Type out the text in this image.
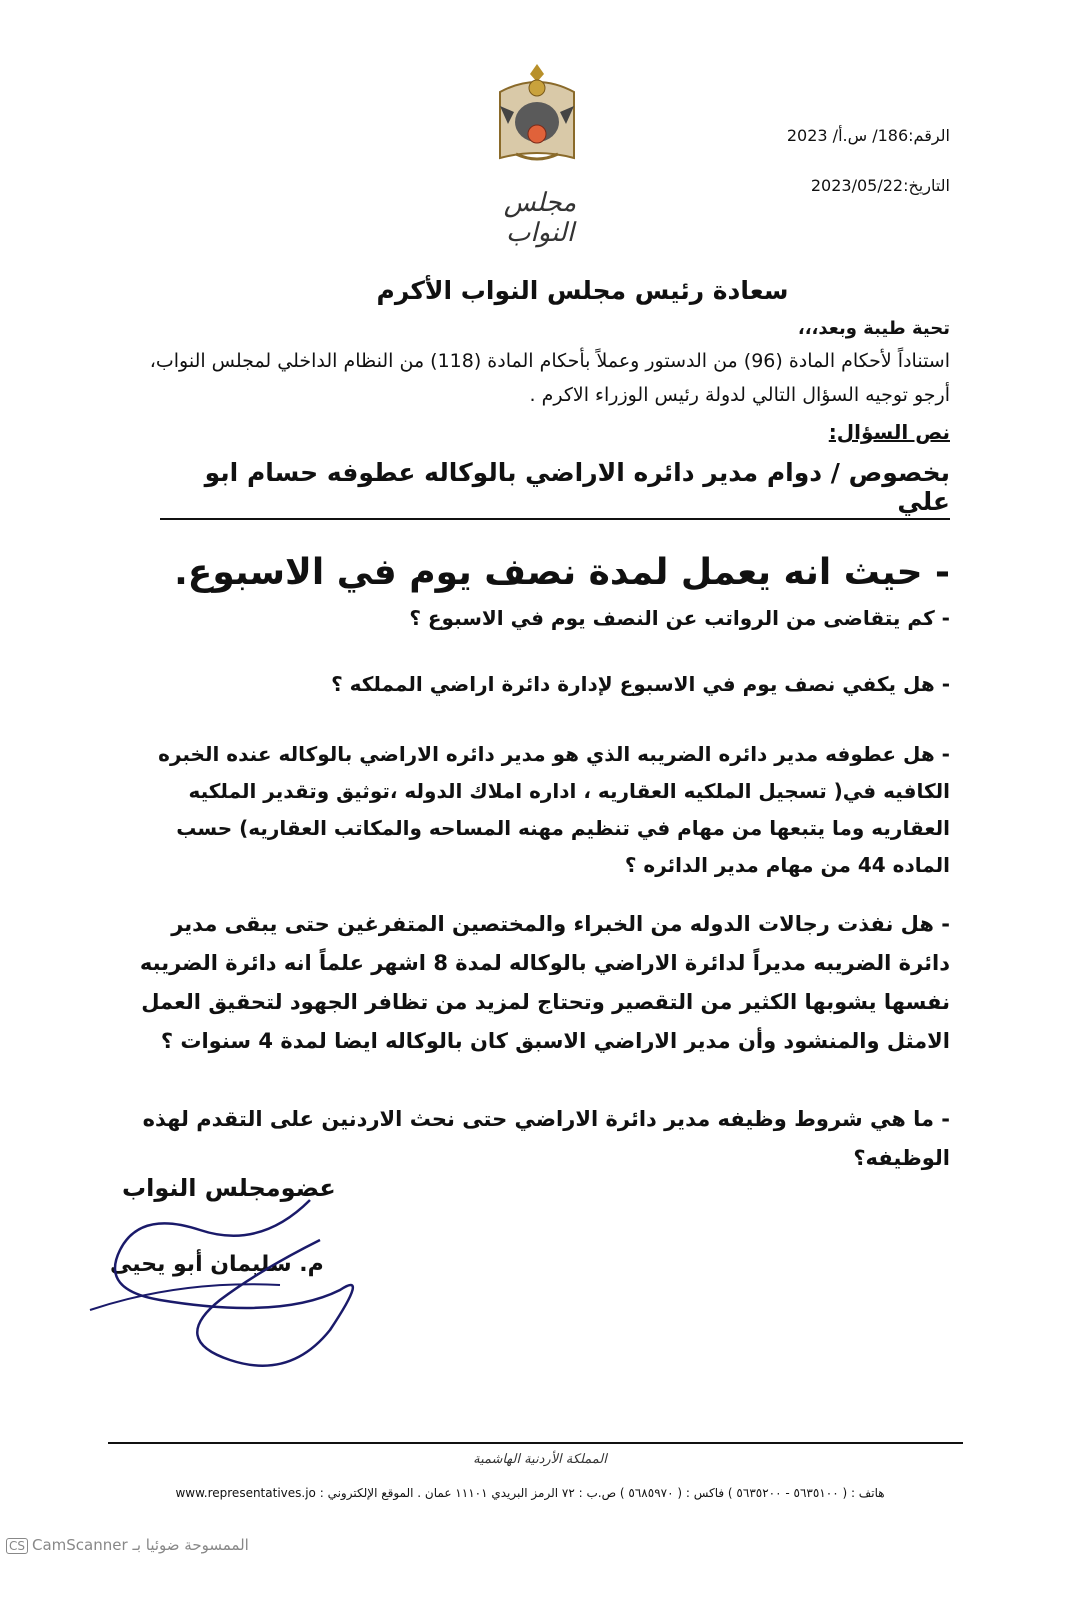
مجلس النواب
الرقم:186/ س.أ/ 2023
التاريخ:2023/05/22
سعادة رئيس مجلس النواب الأكرم
تحية طيبة وبعد،،،
استناداً لأحكام المادة (96) من الدستور وعملاً بأحكام المادة (118) من النظام الداخلي لمجلس النواب، أرجو توجيه السؤال التالي لدولة رئيس الوزراء الاكرم .
نص السؤال:
بخصوص / دوام مدير دائره الاراضي بالوكاله عطوفه حسام ابو علي
- حيث انه يعمل لمدة نصف يوم في الاسبوع.
- كم يتقاضى من الرواتب عن النصف يوم في الاسبوع ؟
- هل يكفي نصف يوم في الاسبوع لإدارة دائرة اراضي المملكه ؟
- هل عطوفه مدير دائره الضريبه الذي هو مدير دائره الاراضي بالوكاله عنده الخبره الكافيه في( تسجيل الملكيه العقاريه ، اداره املاك الدوله ،توثيق وتقدير الملكيه العقاريه وما يتبعها من مهام في تنظيم مهنه المساحه والمكاتب العقاريه) حسب الماده 44 من مهام مدير الدائره ؟
- هل نفذت رجالات الدوله من الخبراء والمختصين المتفرغين حتى يبقى مدير دائرة الضريبه مديراً لدائرة الاراضي بالوكاله لمدة 8 اشهر علماً انه دائرة الضريبه نفسها يشوبها الكثير من التقصير وتحتاج لمزيد من تظافر الجهود لتحقيق العمل الامثل والمنشود وأن مدير الاراضي الاسبق كان بالوكاله ايضا لمدة 4 سنوات ؟
- ما هي شروط وظيفه مدير دائرة الاراضي حتى نحث الاردنين على التقدم لهذه الوظيفه؟
عضومجلس النواب
م. سليمان أبو يحيى
المملكة الأردنية الهاشمية
هاتف : ( ٥٦٣٥١٠٠ - ٥٦٣٥٢٠٠ ) فاكس : ( ٥٦٨٥٩٧٠ ) ص.ب : ٧٢ الرمز البريدي ١١١٠١ عمان . الموقع الإلكتروني : www.representatives.jo
CS CamScanner الممسوحة ضوئيا بـ
